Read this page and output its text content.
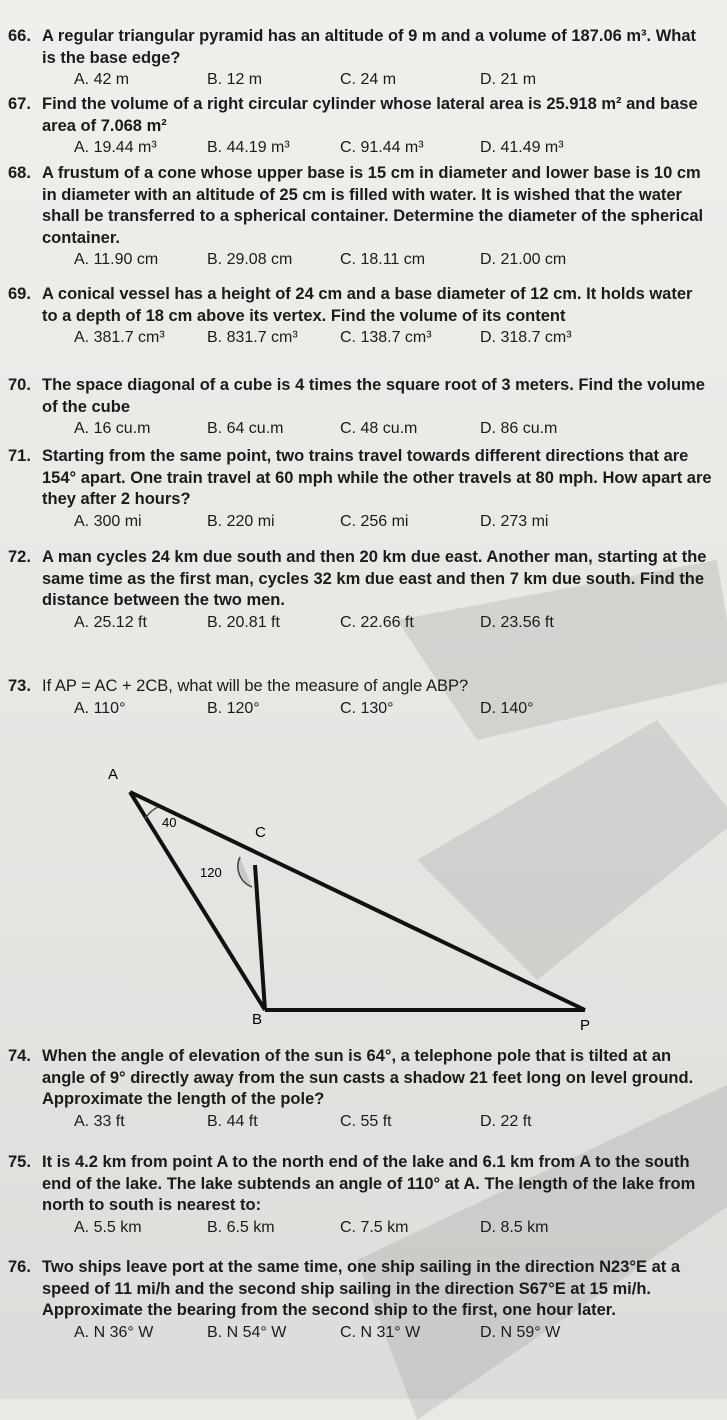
66. A regular triangular pyramid has an altitude of 9 m and a volume of 187.06 m³. What is the base edge?
A. 42 m	B. 12 m	C. 24 m	D. 21 m
67. Find the volume of a right circular cylinder whose lateral area is 25.918 m² and base area of 7.068 m²
A. 19.44 m³	B. 44.19 m³	C. 91.44 m³	D. 41.49 m³
68. A frustum of a cone whose upper base is 15 cm in diameter and lower base is 10 cm in diameter with an altitude of 25 cm is filled with water. It is wished that the water shall be transferred to a spherical container. Determine the diameter of the spherical container.
A. 11.90 cm	B. 29.08 cm	C. 18.11 cm	D. 21.00 cm
69. A conical vessel has a height of 24 cm and a base diameter of 12 cm. It holds water to a depth of 18 cm above its vertex. Find the volume of its content
A. 381.7 cm³	B. 831.7 cm³	C. 138.7 cm³	D. 318.7 cm³
70. The space diagonal of a cube is 4 times the square root of 3 meters. Find the volume of the cube
A. 16 cu.m	B. 64 cu.m	C. 48 cu.m	D. 86 cu.m
71. Starting from the same point, two trains travel towards different directions that are 154° apart. One train travel at 60 mph while the other travels at 80 mph. How apart are they after 2 hours?
A. 300 mi	B. 220 mi	C. 256 mi	D. 273 mi
72. A man cycles 24 km due south and then 20 km due east. Another man, starting at the same time as the first man, cycles 32 km due east and then 7 km due south. Find the distance between the two men.
A. 25.12 ft	B. 20.81 ft	C. 22.66 ft	D. 23.56 ft
73. If AP = AC + 2CB, what will be the measure of angle ABP?
A. 110°	B. 120°	C. 130°	D. 140°
A
B
C
P
40
120
74. When the angle of elevation of the sun is 64°, a telephone pole that is tilted at an angle of 9° directly away from the sun casts a shadow 21 feet long on level ground. Approximate the length of the pole?
A. 33 ft	B. 44 ft	C. 55 ft	D. 22 ft
75. It is 4.2 km from point A to the north end of the lake and 6.1 km from A to the south end of the lake. The lake subtends an angle of 110° at A. The length of the lake from north to south is nearest to:
A. 5.5 km	B. 6.5 km	C. 7.5 km	D. 8.5 km
76. Two ships leave port at the same time, one ship sailing in the direction N23°E at a speed of 11 mi/h and the second ship sailing in the direction S67°E at 15 mi/h. Approximate the bearing from the second ship to the first, one hour later.
A. N 36° W	B. N 54° W	C. N 31° W	D. N 59° W
